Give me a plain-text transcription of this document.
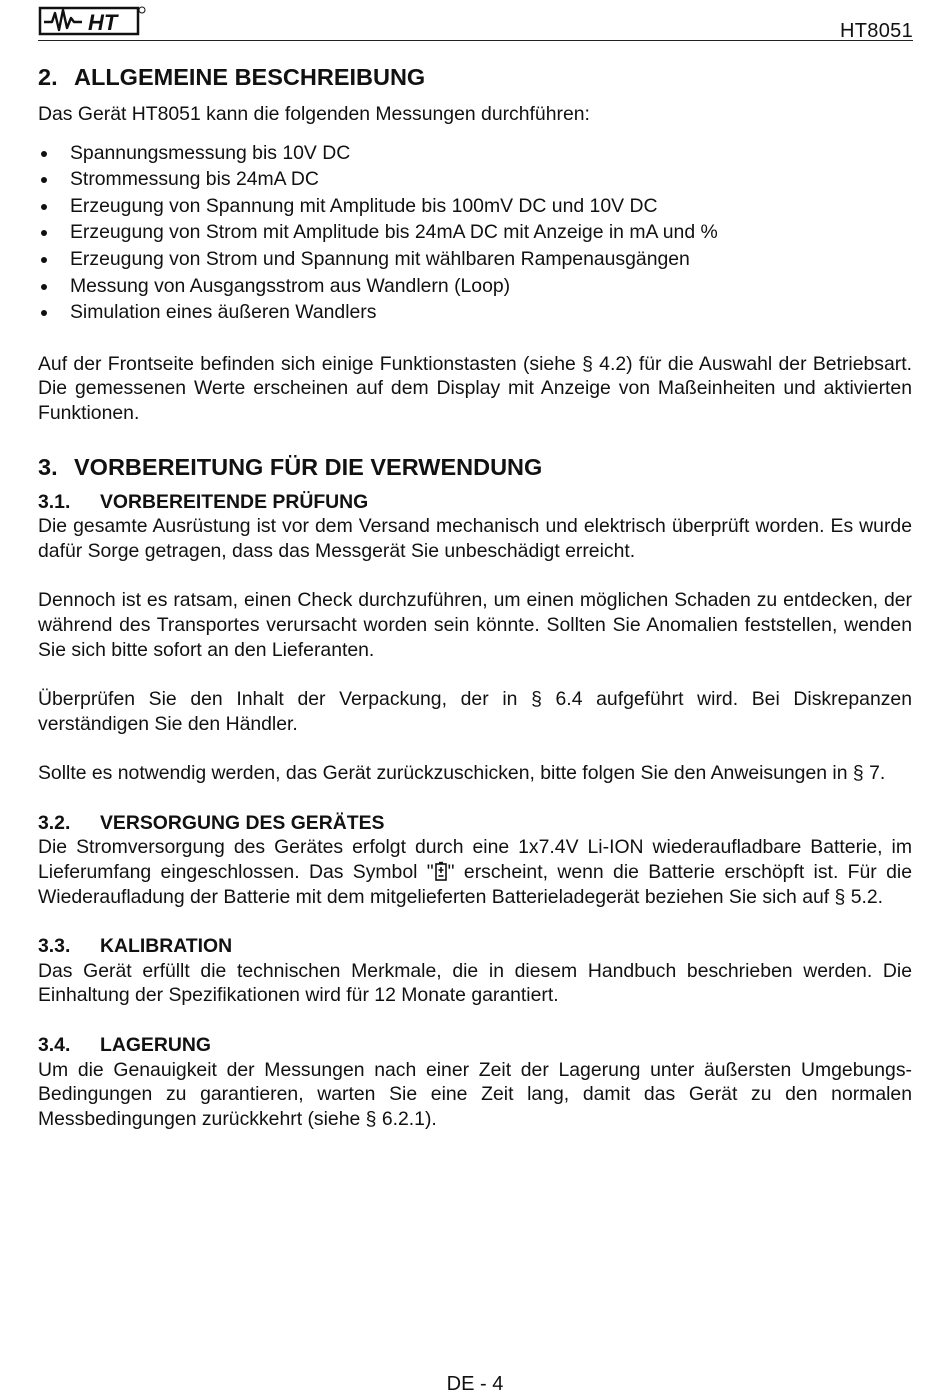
HT	HT8051
2. ALLGEMEINE BESCHREIBUNG

Das Gerät HT8051 kann die folgenden Messungen durchführen:

Spannungsmessung bis 10V DC
Strommessung bis 24mA DC
Erzeugung von Spannung mit Amplitude bis 100mV DC und 10V DC
Erzeugung von Strom mit Amplitude bis 24mA DC mit Anzeige in mA und %
Erzeugung von Strom und Spannung mit wählbaren Rampenausgängen
Messung von Ausgangsstrom aus Wandlern (Loop)
Simulation eines äußeren Wandlers

Auf der Frontseite befinden sich einige Funktionstasten (siehe § 4.2) für die Auswahl der Betriebsart. Die gemessenen Werte erscheinen auf dem Display mit Anzeige von Maßeinheiten und aktivierten Funktionen.

3. VORBEREITUNG FÜR DIE VERWENDUNG
3.1. VORBEREITENDE PRÜFUNG

Die gesamte Ausrüstung ist vor dem Versand mechanisch und elektrisch überprüft worden. Es wurde dafür Sorge getragen, dass das Messgerät Sie unbeschädigt erreicht.

Dennoch ist es ratsam, einen Check durchzuführen, um einen möglichen Schaden zu entdecken, der während des Transportes verursacht worden sein könnte. Sollten Sie Anomalien feststellen, wenden Sie sich bitte sofort an den Lieferanten.

Überprüfen Sie den Inhalt der Verpackung, der in § 6.4 aufgeführt wird. Bei Diskrepanzen verständigen Sie den Händler.

Sollte es notwendig werden, das Gerät zurückzuschicken, bitte folgen Sie den Anweisungen in § 7.

3.2. VERSORGUNG DES GERÄTES

Die Stromversorgung des Gerätes erfolgt durch eine 1x7.4V Li-ION wiederaufladbare Batterie, im Lieferumfang eingeschlossen. Das Symbol " " erscheint, wenn die Batterie erschöpft ist. Für die Wiederaufladung der Batterie mit dem mitgelieferten Batterieladegerät beziehen Sie sich auf § 5.2.

3.3. KALIBRATION

Das Gerät erfüllt die technischen Merkmale, die in diesem Handbuch beschrieben werden. Die Einhaltung der Spezifikationen wird für 12 Monate garantiert.

3.4. LAGERUNG

Um die Genauigkeit der Messungen nach einer Zeit der Lagerung unter äußersten Umgebungs-Bedingungen zu garantieren, warten Sie eine Zeit lang, damit das Gerät zu den normalen Messbedingungen zurückkehrt (siehe § 6.2.1).

DE - 4
